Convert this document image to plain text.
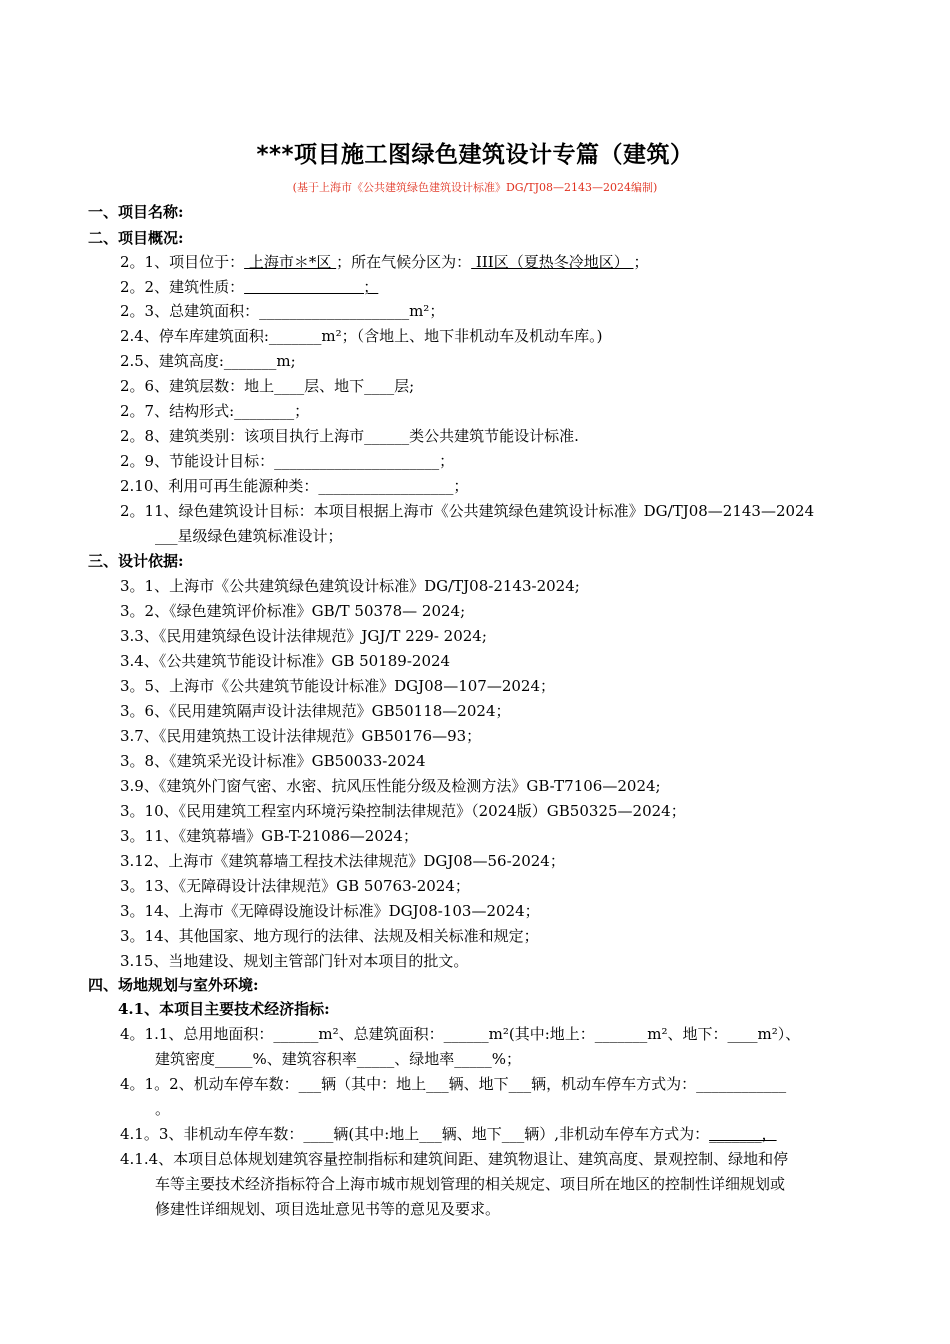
***项目施工图绿色建筑设计专篇（建筑）
(基于上海市《公共建筑绿色建筑设计标准》DG/TJ08—2143—2024编制)
一、项目名称:
二、项目概况:
2。1、项目位于： 上海市＊*区 ；所在气候分区为： III区（夏热冬冷地区） ；
2。2、建筑性质：                         ；
2。3、总建筑面积：____________________m²；
2.4、停车库建筑面积:_______m²；（含地上、地下非机动车及机动车库。)
2.5、建筑高度:_______m;
2。6、建筑层数：地上____层、地下____层;
2。7、结构形式:________；
2。8、建筑类别：该项目执行上海市______类公共建筑节能设计标准.
2。9、节能设计目标：______________________；
2.10、利用可再生能源种类：__________________；
2。11、绿色建筑设计目标：本项目根据上海市《公共建筑绿色建筑设计标准》DG/TJ08—2143—2024
___星级绿色建筑标准设计；
三、设计依据:
3。1、上海市《公共建筑绿色建筑设计标准》DG/TJ08-2143-2024;
3。2、《绿色建筑评价标准》GB/T 50378— 2024;
3.3、《民用建筑绿色设计法律规范》JGJ/T 229- 2024;
3.4、《公共建筑节能设计标准》GB 50189-2024
3。5、上海市《公共建筑节能设计标准》DGJ08—107—2024；
3。6、《民用建筑隔声设计法律规范》GB50118—2024；
3.7、《民用建筑热工设计法律规范》GB50176—93；
3。8、《建筑采光设计标准》GB50033-2024
3.9、《建筑外门窗气密、水密、抗风压性能分级及检测方法》GB-T7106—2024;
3。10、《民用建筑工程室内环境污染控制法律规范》（2024版）GB50325—2024；
3。11、《建筑幕墙》GB-T-21086—2024；
3.12、上海市《建筑幕墙工程技术法律规范》DGJ08—56-2024；
3。13、《无障碍设计法律规范》GB 50763-2024；
3。14、上海市《无障碍设施设计标准》DGJ08-103—2024；
3。14、其他国家、地方现行的法律、法规及相关标准和规定；
3.15、当地建设、规划主管部门针对本项目的批文。
四、场地规划与室外环境:
4.1、本项目主要技术经济指标:
4。1.1、总用地面积：______m²、总建筑面积：______m²(其中:地上：_______m²、地下：____m²）、
建筑密度_____%、建筑容积率_____、绿地率_____%；
4。1。2、机动车停车数：___辆（其中：地上___辆、地下___辆，机动车停车方式为：____________
。
4.1。3、非机动车停车数：____辆(其中:地上___辆、地下___辆）,非机动车停车方式为：_______，
4.1.4、本项目总体规划建筑容量控制指标和建筑间距、建筑物退让、建筑高度、景观控制、绿地和停
车等主要技术经济指标符合上海市城市规划管理的相关规定、项目所在地区的控制性详细规划或
修建性详细规划、项目选址意见书等的意见及要求。
